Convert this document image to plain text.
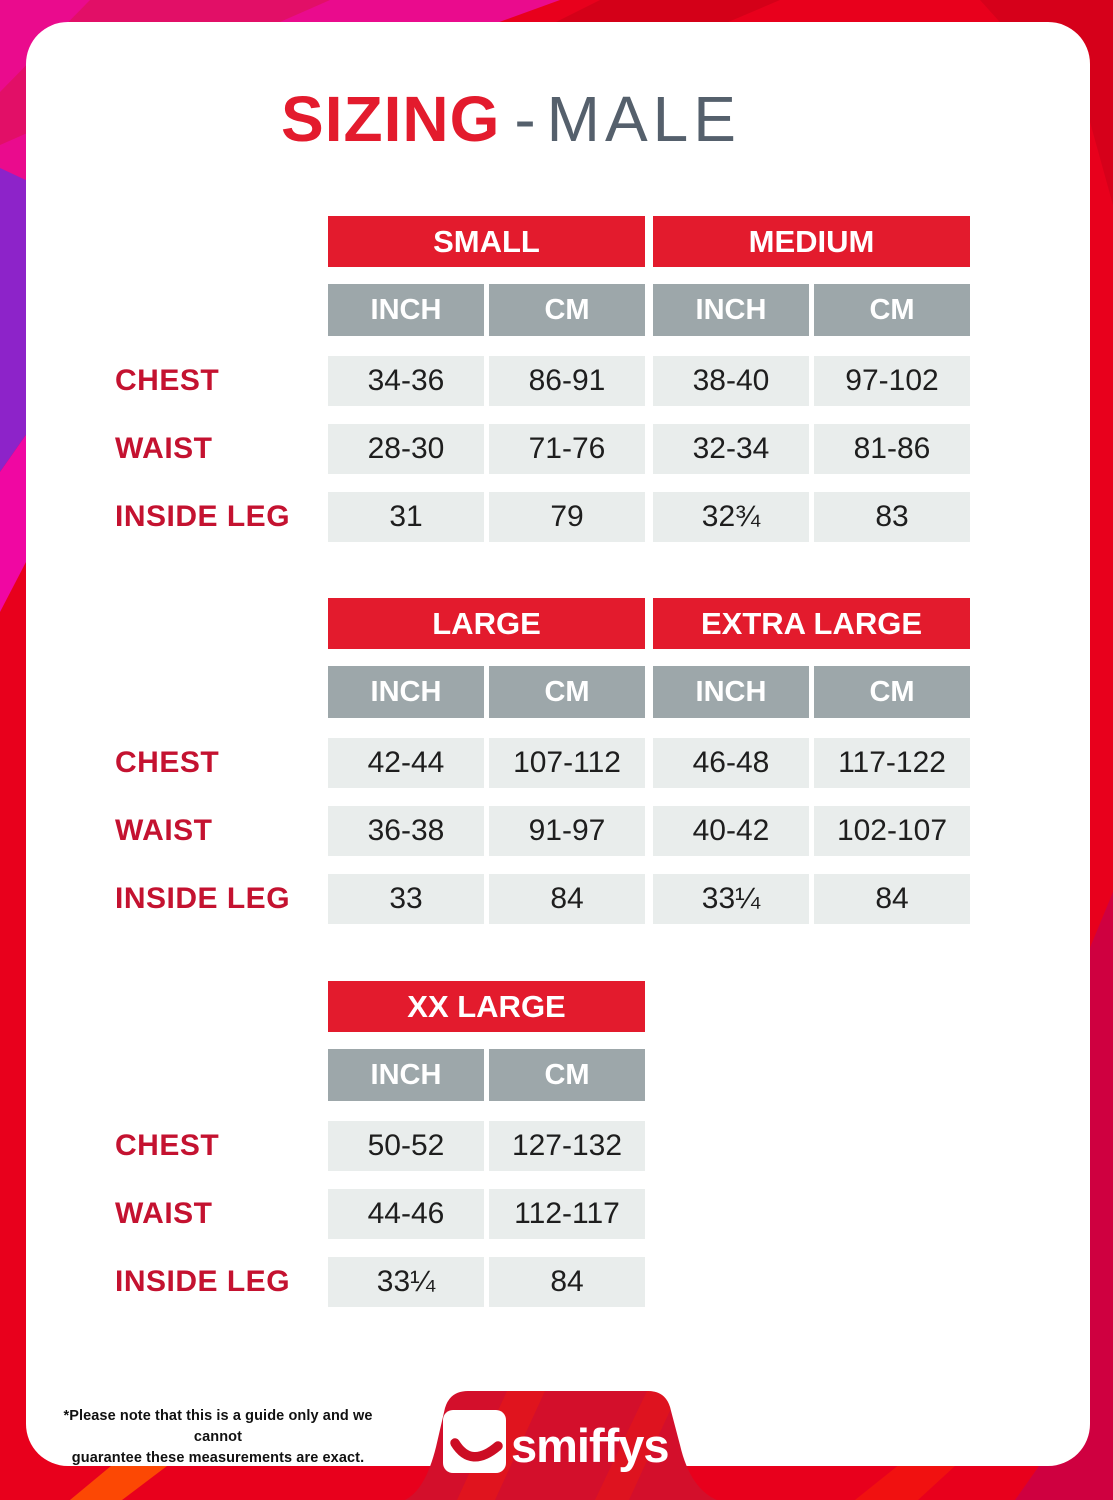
SIZING - MALE
SMALL	MEDIUM
INCH	CM	INCH	CM
CHEST	34-36	86-91	38-40	97-102
WAIST	28-30	71-76	32-34	81-86
INSIDE LEG	31	79	32¾	83
LARGE	EXTRA LARGE
INCH	CM	INCH	CM
CHEST	42-44	107-112	46-48	117-122
WAIST	36-38	91-97	40-42	102-107
INSIDE LEG	33	84	33¼	84
XX LARGE
INCH	CM
CHEST	50-52	127-132
WAIST	44-46	112-117
INSIDE LEG	33¼	84
*Please note that this is a guide only and we cannot
guarantee these measurements are exact.	smiffys
TM
